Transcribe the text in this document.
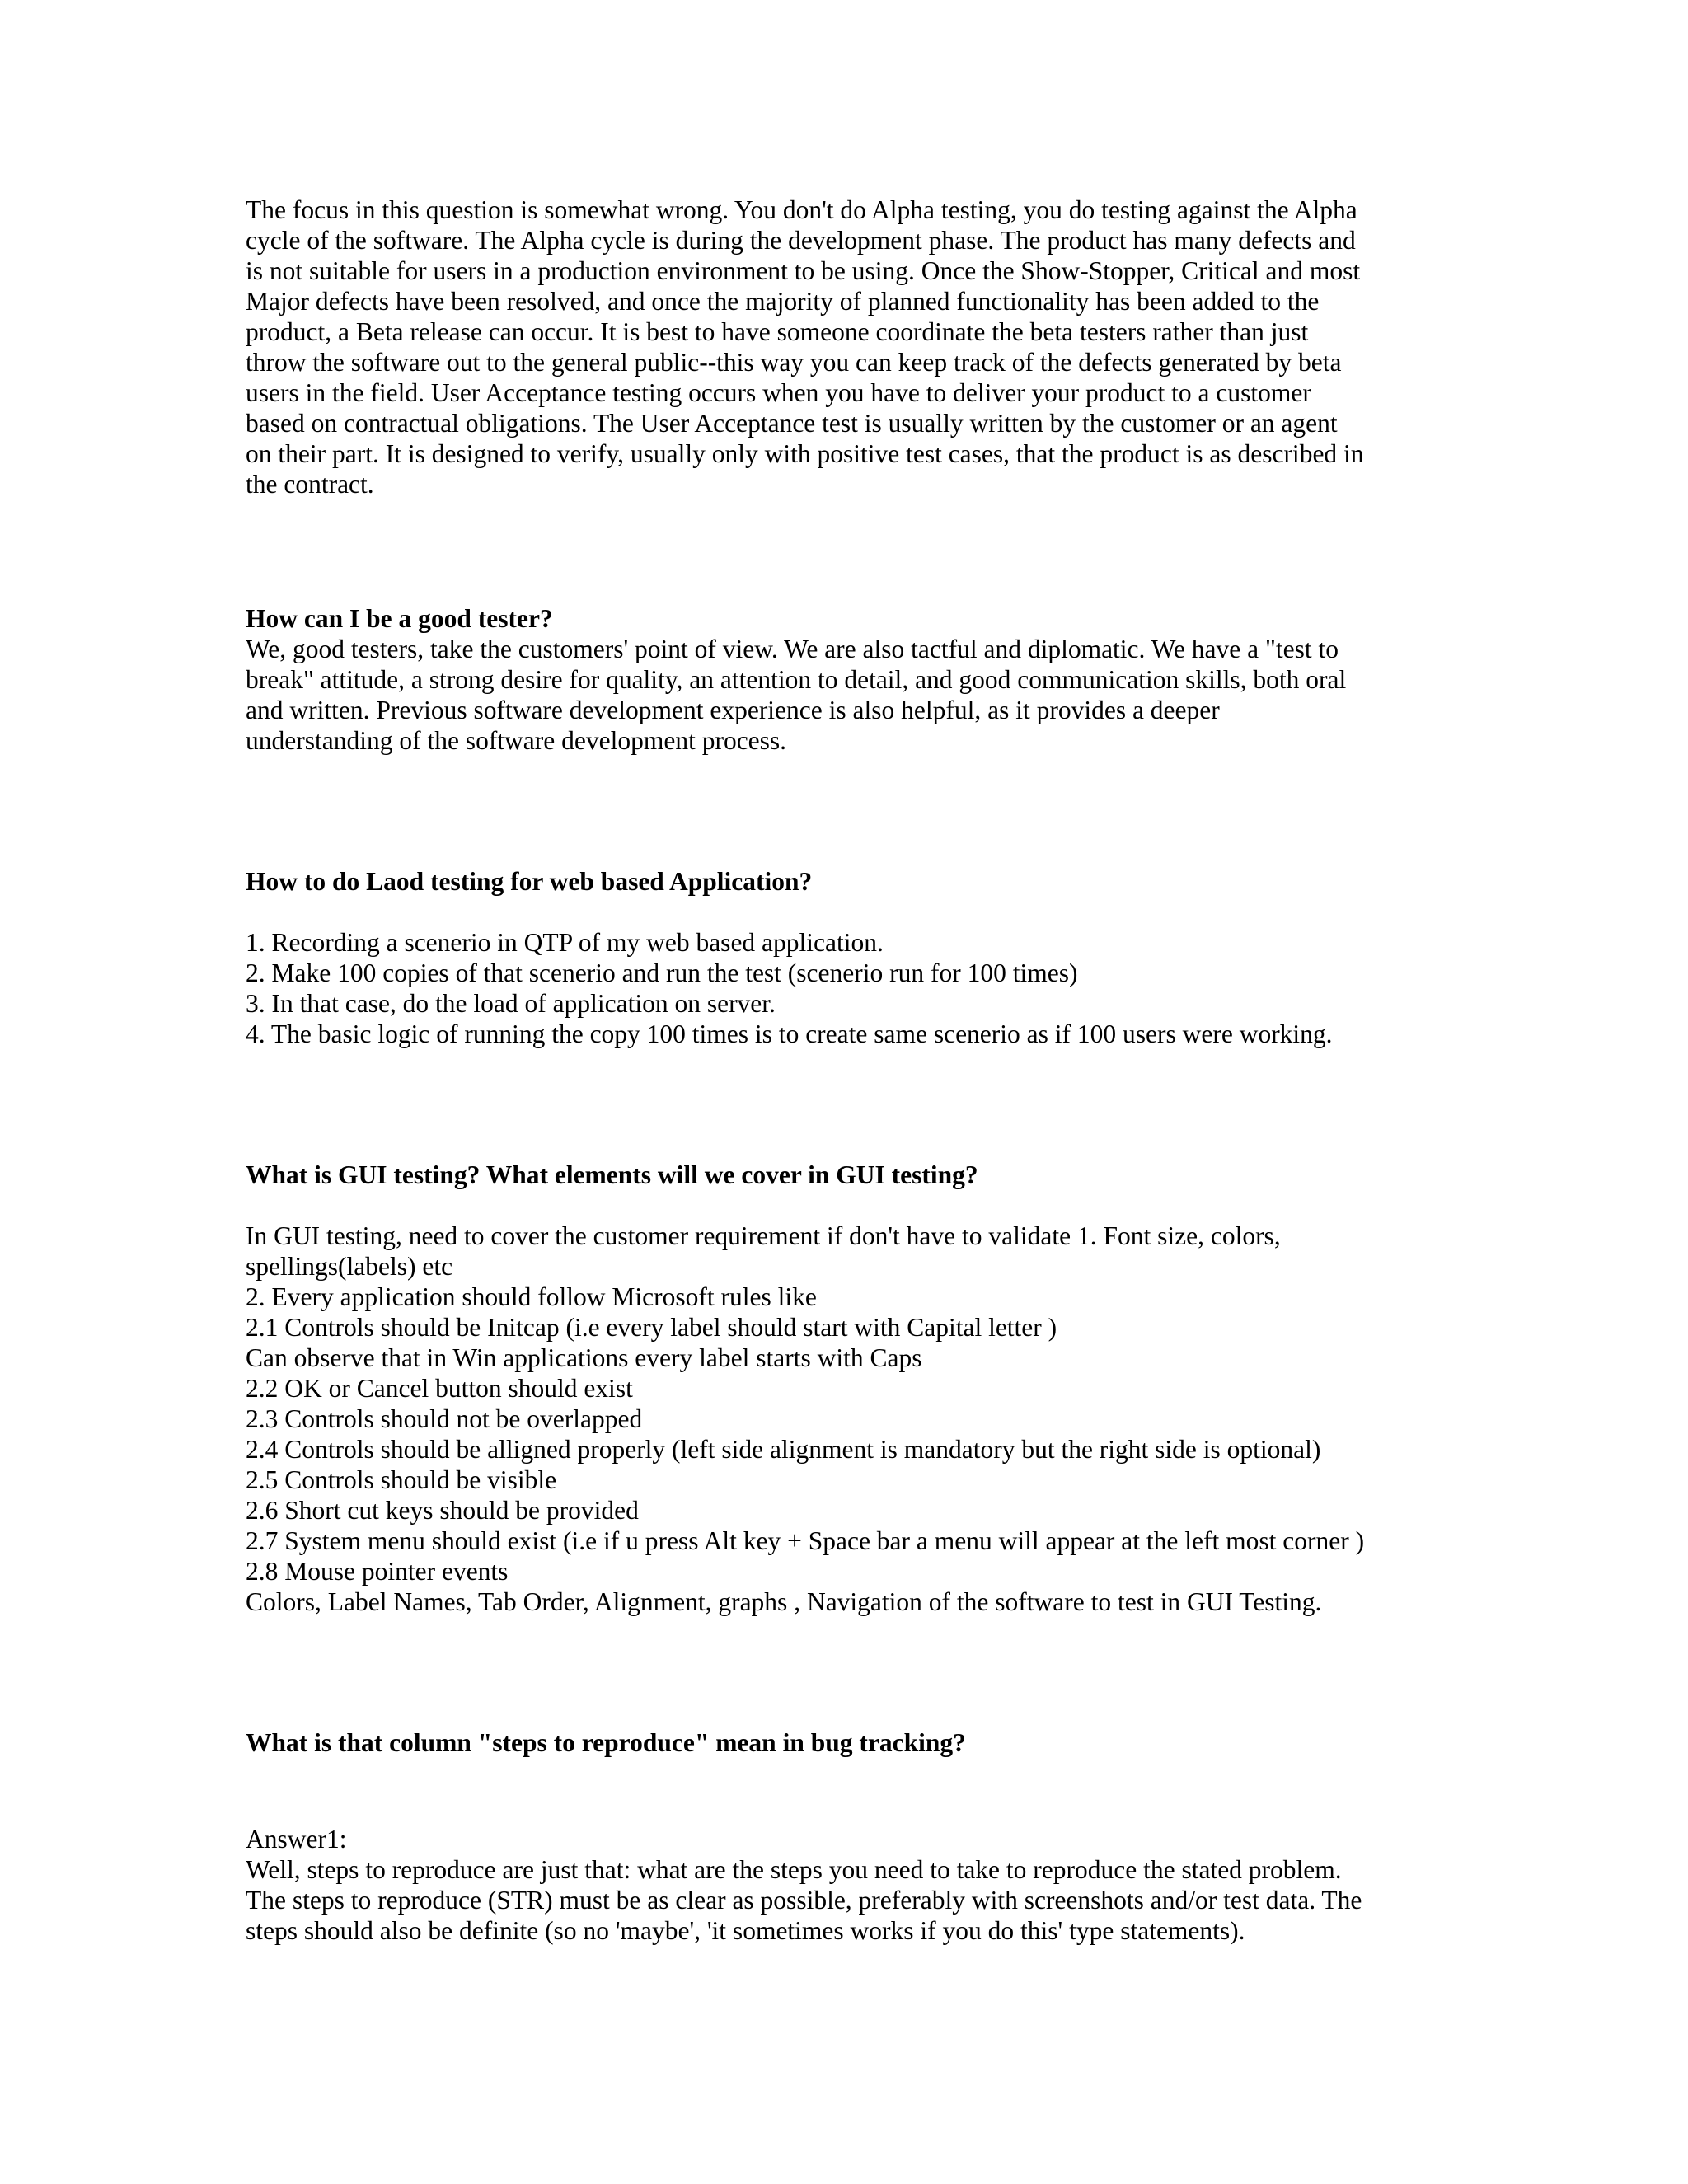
The focus in this question is somewhat wrong. You don't do Alpha testing, you do testing against the Alpha
cycle of the software. The Alpha cycle is during the development phase. The product has many defects and
is not suitable for users in a production environment to be using. Once the Show-Stopper, Critical and most
Major defects have been resolved, and once the majority of planned functionality has been added to the
product, a Beta release can occur. It is best to have someone coordinate the beta testers rather than just
throw the software out to the general public--this way you can keep track of the defects generated by beta
users in the field. User Acceptance testing occurs when you have to deliver your product to a customer
based on contractual obligations. The User Acceptance test is usually written by the customer or an agent
on their part. It is designed to verify, usually only with positive test cases, that the product is as described in
the contract.
How can I be a good tester?
We, good testers, take the customers' point of view. We are also tactful and diplomatic. We have a "test to
break" attitude, a strong desire for quality, an attention to detail, and good communication skills, both oral
and written. Previous software development experience is also helpful, as it provides a deeper
understanding of the software development process.
How to do Laod testing for web based Application?
1. Recording a scenerio in QTP of my web based application.
2. Make 100 copies of that scenerio and run the test (scenerio run for 100 times)
3. In that case, do the load of application on server.
4. The basic logic of running the copy 100 times is to create same scenerio as if 100 users were working.
What is GUI testing? What elements will we cover in GUI testing?
In GUI testing, need to cover the customer requirement if don't have to validate 1. Font size, colors,
spellings(labels) etc
2. Every application should follow Microsoft rules like
2.1 Controls should be Initcap (i.e every label should start with Capital letter )
Can observe that in Win applications every label starts with Caps
2.2 OK or Cancel button should exist
2.3 Controls should not be overlapped
2.4 Controls should be alligned properly (left side alignment is mandatory but the right side is optional)
2.5 Controls should be visible
2.6 Short cut keys should be provided
2.7 System menu should exist (i.e if u press Alt key + Space bar a menu will appear at the left most corner )
2.8 Mouse pointer events
Colors, Label Names, Tab Order, Alignment, graphs , Navigation of the software to test in GUI Testing.
What is that column "steps to reproduce" mean in bug tracking?
Answer1:
Well, steps to reproduce are just that: what are the steps you need to take to reproduce the stated problem.
The steps to reproduce (STR) must be as clear as possible, preferably with screenshots and/or test data. The
steps should also be definite (so no 'maybe', 'it sometimes works if you do this' type statements).
